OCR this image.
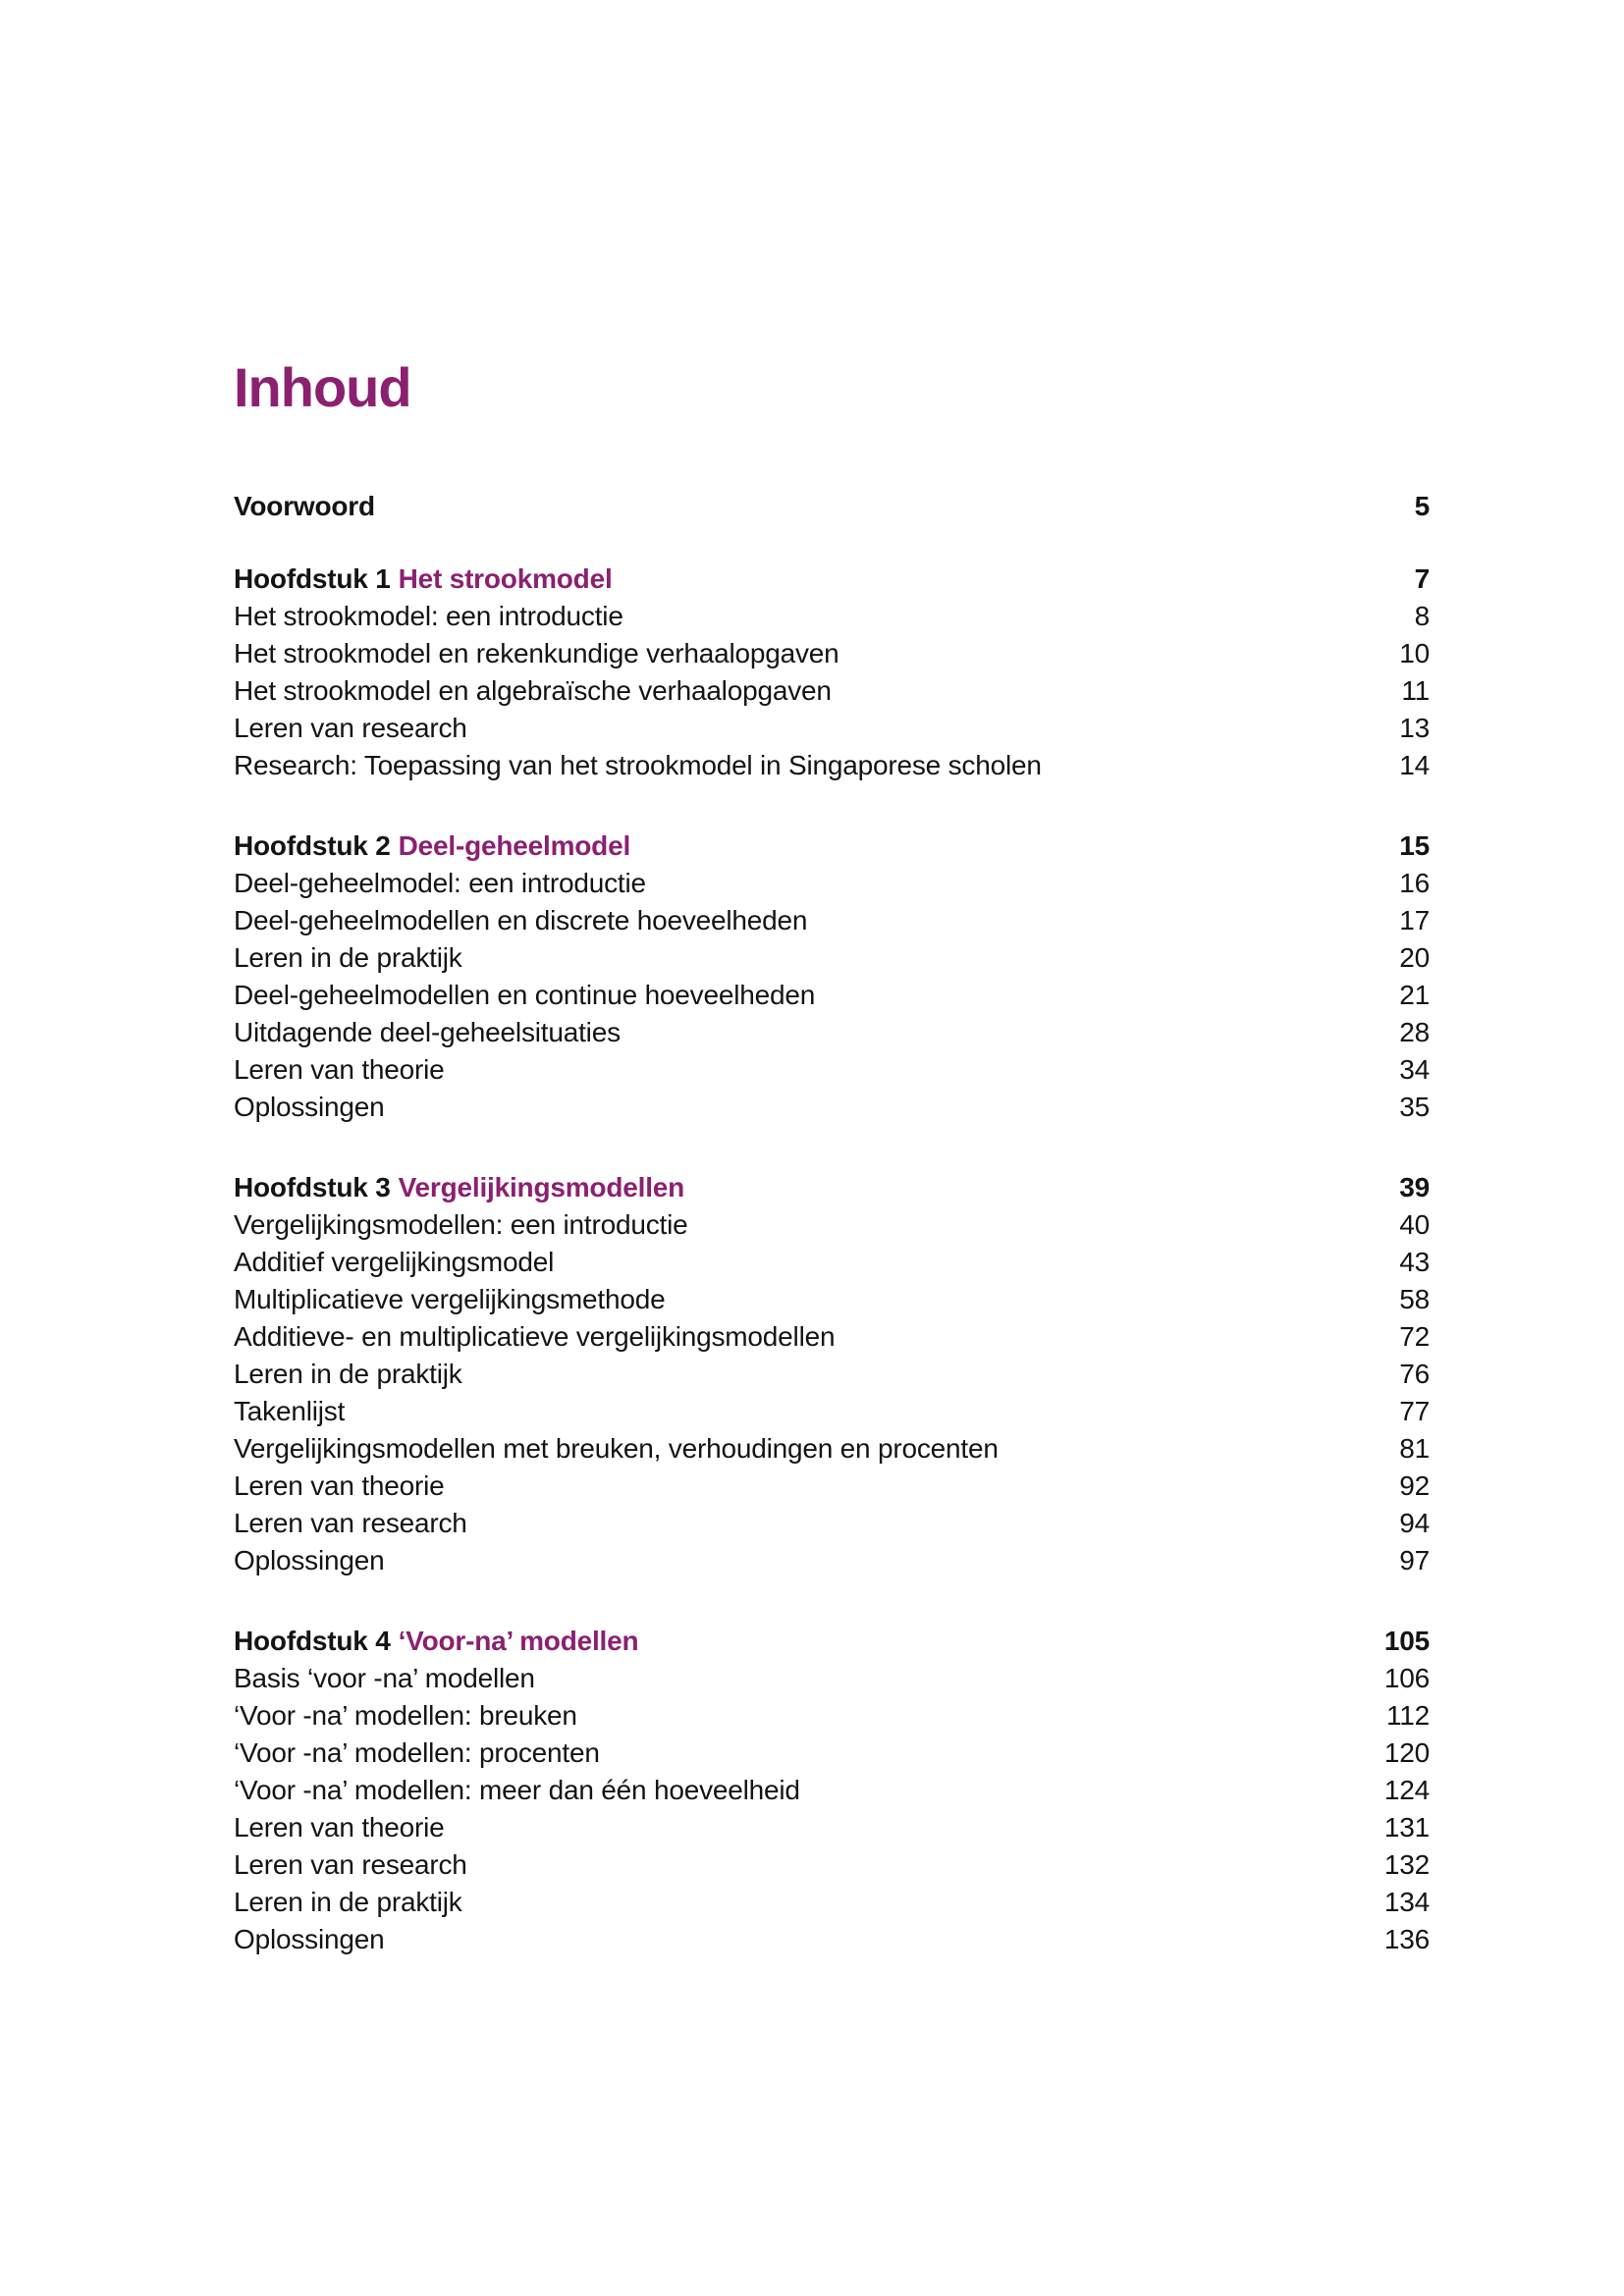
Inhoud
Voorwoord	5
Hoofdstuk 1 Het strookmodel	7
Het strookmodel: een introductie	8
Het strookmodel en rekenkundige verhaalopgaven	10
Het strookmodel en algebraïsche verhaalopgaven	11
Leren van research	13
Research: Toepassing van het strookmodel in Singaporese scholen	14
Hoofdstuk 2 Deel-geheelmodel	15
Deel-geheelmodel: een introductie	16
Deel-geheelmodellen en discrete hoeveelheden	17
Leren in de praktijk	20
Deel-geheelmodellen en continue hoeveelheden	21
Uitdagende deel-geheelsituaties	28
Leren van theorie	34
Oplossingen	35
Hoofdstuk 3 Vergelijkingsmodellen	39
Vergelijkingsmodellen: een introductie	40
Additief vergelijkingsmodel	43
Multiplicatieve vergelijkingsmethode	58
Additieve- en multiplicatieve vergelijkingsmodellen	72
Leren in de praktijk	76
Takenlijst	77
Vergelijkingsmodellen met breuken, verhoudingen en procenten	81
Leren van theorie	92
Leren van research	94
Oplossingen	97
Hoofdstuk 4 ‘Voor-na’ modellen	105
Basis ‘voor -na’ modellen	106
‘Voor -na’ modellen: breuken	112
‘Voor -na’ modellen: procenten	120
‘Voor -na’ modellen: meer dan één hoeveelheid	124
Leren van theorie	131
Leren van research	132
Leren in de praktijk	134
Oplossingen	136
